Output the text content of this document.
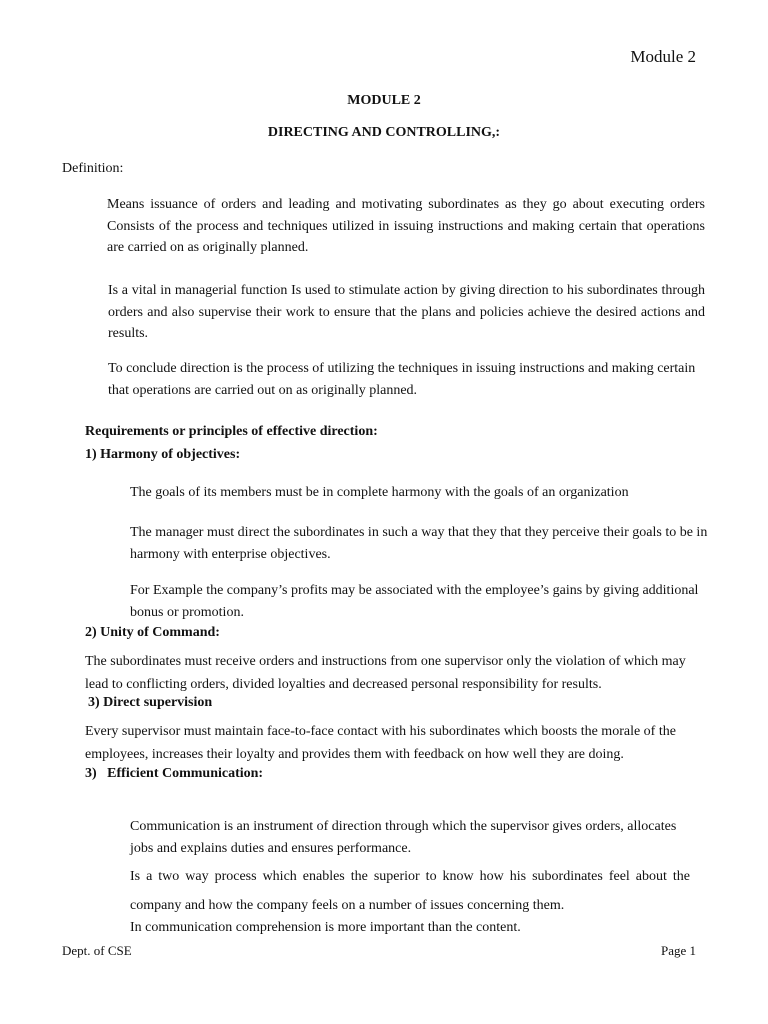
Module 2
MODULE 2
DIRECTING AND CONTROLLING,:
Definition:
Means issuance of orders and leading and motivating subordinates as they go about executing orders Consists of the process and techniques utilized in issuing instructions and making certain that operations are carried on as originally planned.
Is a vital in managerial function Is used to stimulate action by giving direction to his subordinates through orders and also supervise their work to ensure that the plans and policies achieve the desired actions and results.
To conclude direction is the process of utilizing the techniques in issuing instructions and making certain that operations are carried out on as originally planned.
Requirements or principles of effective direction:
1) Harmony of objectives:
The goals of its members must be in complete harmony with the goals of an organization
The manager must direct the subordinates in such a way that they that they perceive their goals to be in harmony with enterprise objectives.
For Example the company’s profits may be associated with the employee’s gains by giving additional bonus or promotion.
2) Unity of Command:
The subordinates must receive orders and instructions from one supervisor only the violation of which may lead to conflicting orders, divided loyalties and decreased personal responsibility for results.
3) Direct supervision
Every supervisor must maintain face-to-face contact with his subordinates which boosts the morale of the employees, increases their loyalty and provides them with feedback on how well they are doing.
3)   Efficient Communication:
Communication is an instrument of direction through which the supervisor gives orders, allocates jobs and explains duties and ensures performance.
Is a two way process which enables the superior to know how his subordinates feel about the company and how the company feels on a number of issues concerning them.
In communication comprehension is more important than the content.
Dept. of CSE	Page 1
